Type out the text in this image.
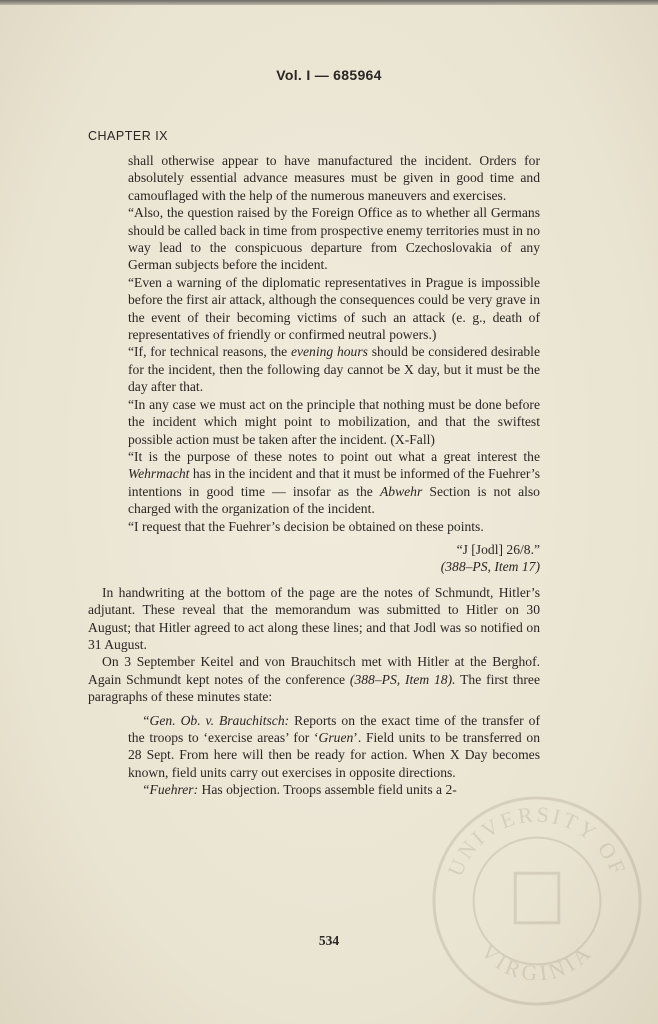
Vol. I — 685964
CHAPTER IX

shall otherwise appear to have manufactured the incident. Orders for absolutely essential advance measures must be given in good time and camouflaged with the help of the numerous maneuvers and exercises.

“Also, the question raised by the Foreign Office as to whether all Germans should be called back in time from prospective enemy territories must in no way lead to the conspicuous departure from Czechoslovakia of any German subjects before the incident.

“Even a warning of the diplomatic representatives in Prague is impossible before the first air attack, although the consequences could be very grave in the event of their becoming victims of such an attack (e. g., death of representatives of friendly or confirmed neutral powers.)

“If, for technical reasons, the evening hours should be considered desirable for the incident, then the following day cannot be X day, but it must be the day after that.

“In any case we must act on the principle that nothing must be done before the incident which might point to mobilization, and that the swiftest possible action must be taken after the incident. (X-Fall)

“It is the purpose of these notes to point out what a great interest the Wehrmacht has in the incident and that it must be informed of the Fuehrer’s intentions in good time — insofar as the Abwehr Section is not also charged with the organization of the incident.

“I request that the Fuehrer’s decision be obtained on these points.

“J [Jodl] 26/8.”

(388–PS, Item 17)

In handwriting at the bottom of the page are the notes of Schmundt, Hitler’s adjutant. These reveal that the memorandum was submitted to Hitler on 30 August; that Hitler agreed to act along these lines; and that Jodl was so notified on 31 August.

On 3 September Keitel and von Brauchitsch met with Hitler at the Berghof. Again Schmundt kept notes of the conference (388–PS, Item 18). The first three paragraphs of these minutes state:

“Gen. Ob. v. Brauchitsch: Reports on the exact time of the transfer of the troops to ‘exercise areas’ for ‘Gruen’. Field units to be transferred on 28 Sept. From here will then be ready for action. When X Day becomes known, field units carry out exercises in opposite directions.

“Fuehrer: Has objection. Troops assemble field units a 2-

534
